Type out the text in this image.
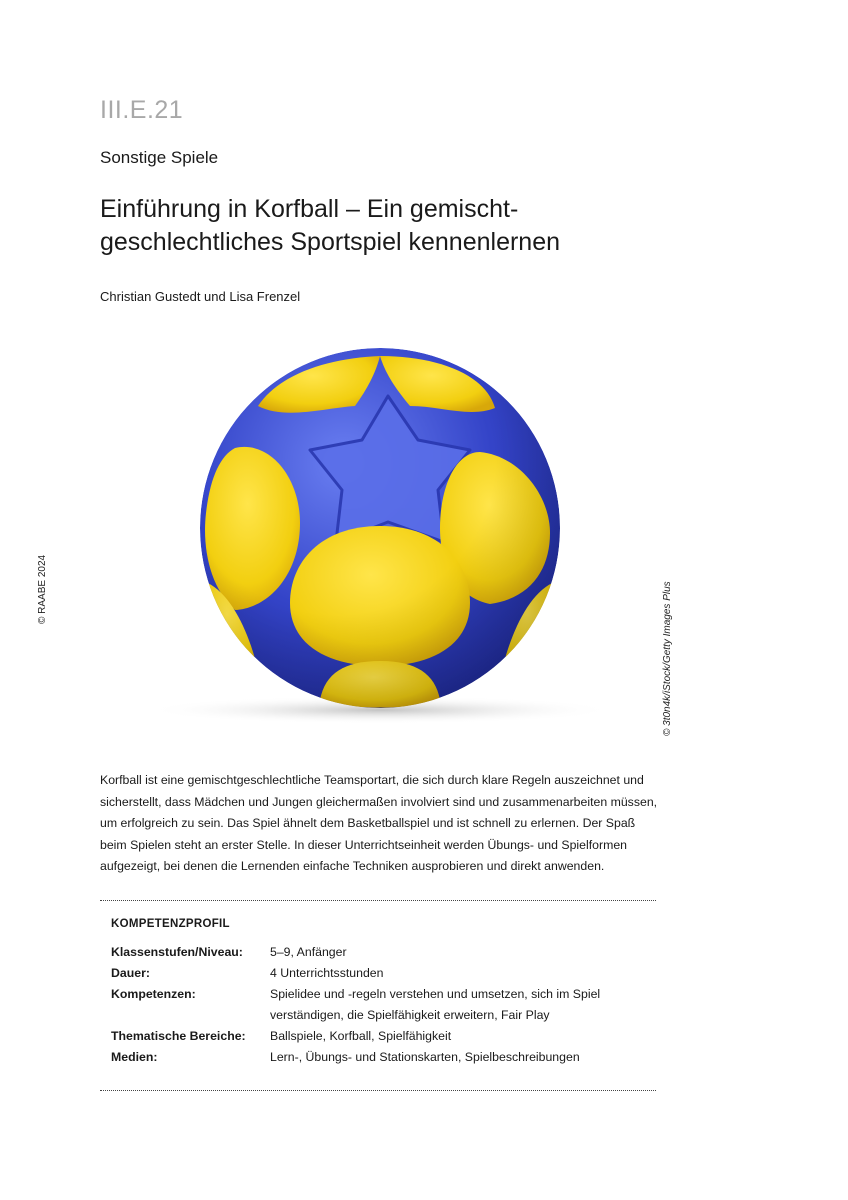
III.E.21
Sonstige Spiele
Einführung in Korfball – Ein gemischt-
geschlechtliches Sportspiel kennenlernen
Christian Gustedt und Lisa Frenzel
© RAABE 2024	© 3t0n4k/iStock/Getty Images Plus

Korfball ist eine gemischtgeschlechtliche Teamsportart, die sich durch klare Regeln auszeichnet und sicherstellt, dass Mädchen und Jungen gleichermaßen involviert sind und zusammenarbeiten müssen, um erfolgreich zu sein. Das Spiel ähnelt dem Basketballspiel und ist schnell zu erlernen. Der Spaß beim Spielen steht an erster Stelle. In dieser Unterrichtseinheit werden Übungs- und Spielformen aufgezeigt, bei denen die Lernenden einfache Techniken ausprobieren und direkt anwenden.

KOMPETENZPROFIL
Klassenstufen/Niveau:	5–9, Anfänger
Dauer:	4 Unterrichtsstunden
Kompetenzen:	Spielidee und -regeln verstehen und umsetzen, sich im Spiel verständigen, die Spielfähigkeit erweitern, Fair Play
Thematische Bereiche:	Ballspiele, Korfball, Spielfähigkeit
Medien:	Lern-, Übungs- und Stationskarten, Spielbeschreibungen
